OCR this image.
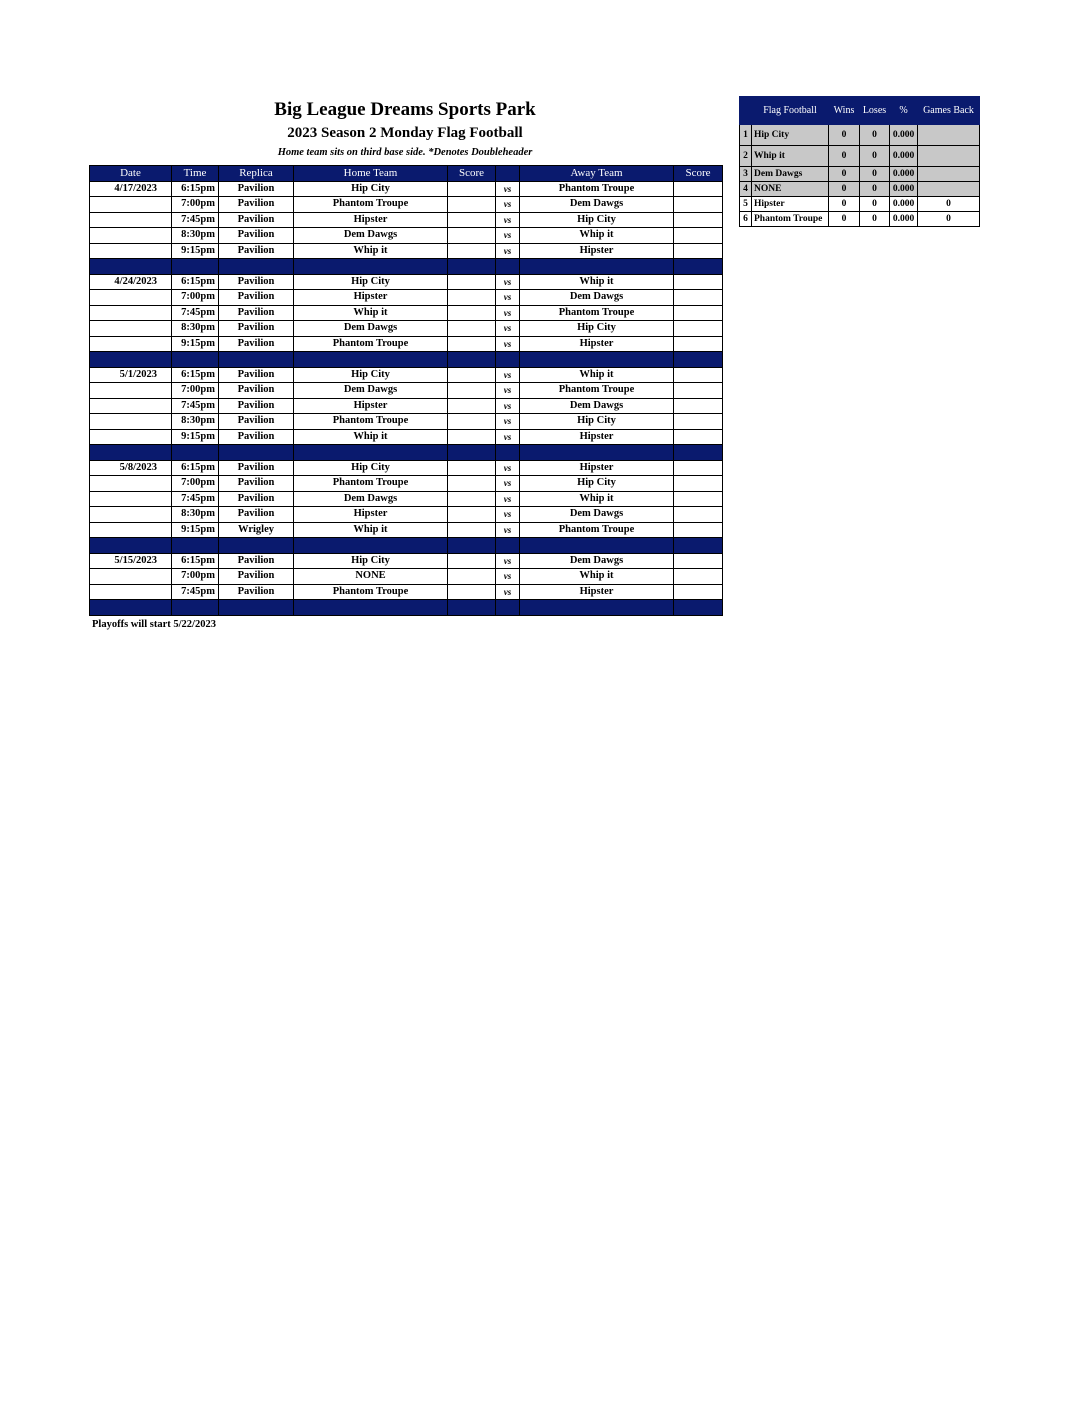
Big League Dreams Sports Park
2023 Season 2 Monday Flag Football
Home team sits on third base side. *Denotes Doubleheader
Date	Time	Replica	Home Team	Score		Away Team	Score
4/17/2023	6:15pm	Pavilion	Hip City		vs	Phantom Troupe	
	7:00pm	Pavilion	Phantom Troupe		vs	Dem Dawgs	
	7:45pm	Pavilion	Hipster		vs	Hip City	
	8:30pm	Pavilion	Dem Dawgs		vs	Whip it	
	9:15pm	Pavilion	Whip it		vs	Hipster	

4/24/2023	6:15pm	Pavilion	Hip City		vs	Whip it	
	7:00pm	Pavilion	Hipster		vs	Dem Dawgs	
	7:45pm	Pavilion	Whip it		vs	Phantom Troupe	
	8:30pm	Pavilion	Dem Dawgs		vs	Hip City	
	9:15pm	Pavilion	Phantom Troupe		vs	Hipster	

5/1/2023	6:15pm	Pavilion	Hip City		vs	Whip it	
	7:00pm	Pavilion	Dem Dawgs		vs	Phantom Troupe	
	7:45pm	Pavilion	Hipster		vs	Dem Dawgs	
	8:30pm	Pavilion	Phantom Troupe		vs	Hip City	
	9:15pm	Pavilion	Whip it		vs	Hipster	

5/8/2023	6:15pm	Pavilion	Hip City		vs	Hipster	
	7:00pm	Pavilion	Phantom Troupe		vs	Hip City	
	7:45pm	Pavilion	Dem Dawgs		vs	Whip it	
	8:30pm	Pavilion	Hipster		vs	Dem Dawgs	
	9:15pm	Wrigley	Whip it		vs	Phantom Troupe	

5/15/2023	6:15pm	Pavilion	Hip City		vs	Dem Dawgs	
	7:00pm	Pavilion	NONE		vs	Whip it	
	7:45pm	Pavilion	Phantom Troupe		vs	Hipster	

Playoffs will start 5/22/2023
	Flag Football	Wins	Loses	%	Games Back
1	Hip City	0	0	0.000	
2	Whip it	0	0	0.000	
3	Dem Dawgs	0	0	0.000	
4	NONE	0	0	0.000	
5	Hipster	0	0	0.000	0
6	Phantom Troupe	0	0	0.000	0
